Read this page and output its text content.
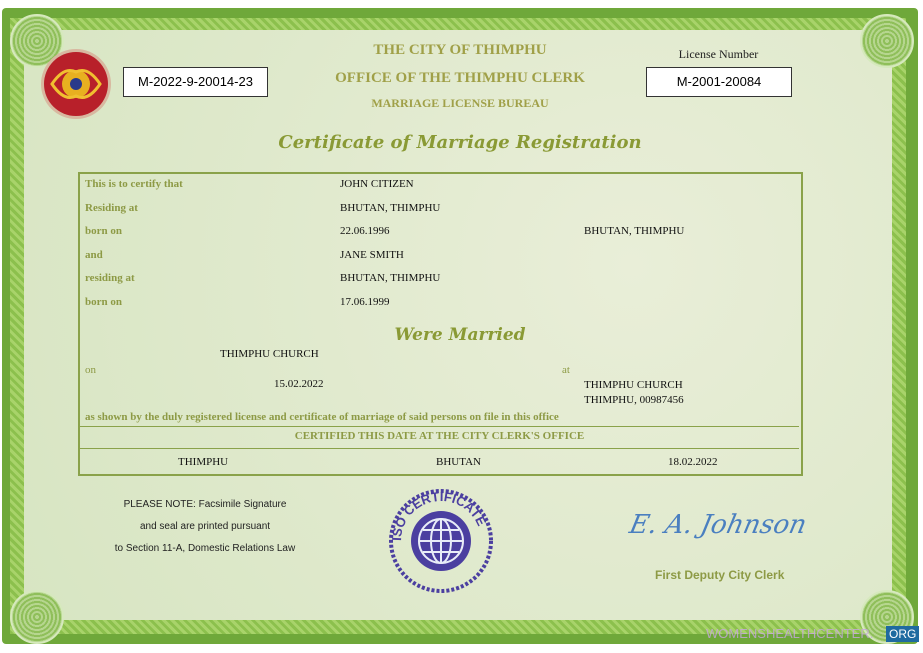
THE CITY OF THIMPHU
OFFICE OF THE THIMPHU CLERK
MARRIAGE LICENSE BUREAU
M-2022-9-20014-23
License Number
M-2001-20084
Certificate of Marriage Registration
This is to certify that	JOHN CITIZEN
Residing at	BHUTAN, THIMPHU
born on	22.06.1996	BHUTAN, THIMPHU
and	JANE SMITH
residing at	BHUTAN, THIMPHU
born on	17.06.1999
Were Married
THIMPHU CHURCH
on	at
15.02.2022	THIMPHU CHURCH
THIMPHU, 00987456
as shown by the duly registered license and certificate of marriage of said persons on file in this office
CERTIFIED THIS DATE AT THE CITY CLERK'S OFFICE
THIMPHU	BHUTAN	18.02.2022
PLEASE NOTE: Facsimile Signature
and seal are printed pursuant
to Section 11-A, Domestic Relations Law
ISO CERTIFICATE	E. A. Johnson
First Deputy City Clerk
WOMENSHEALTHCENTER. ORG
